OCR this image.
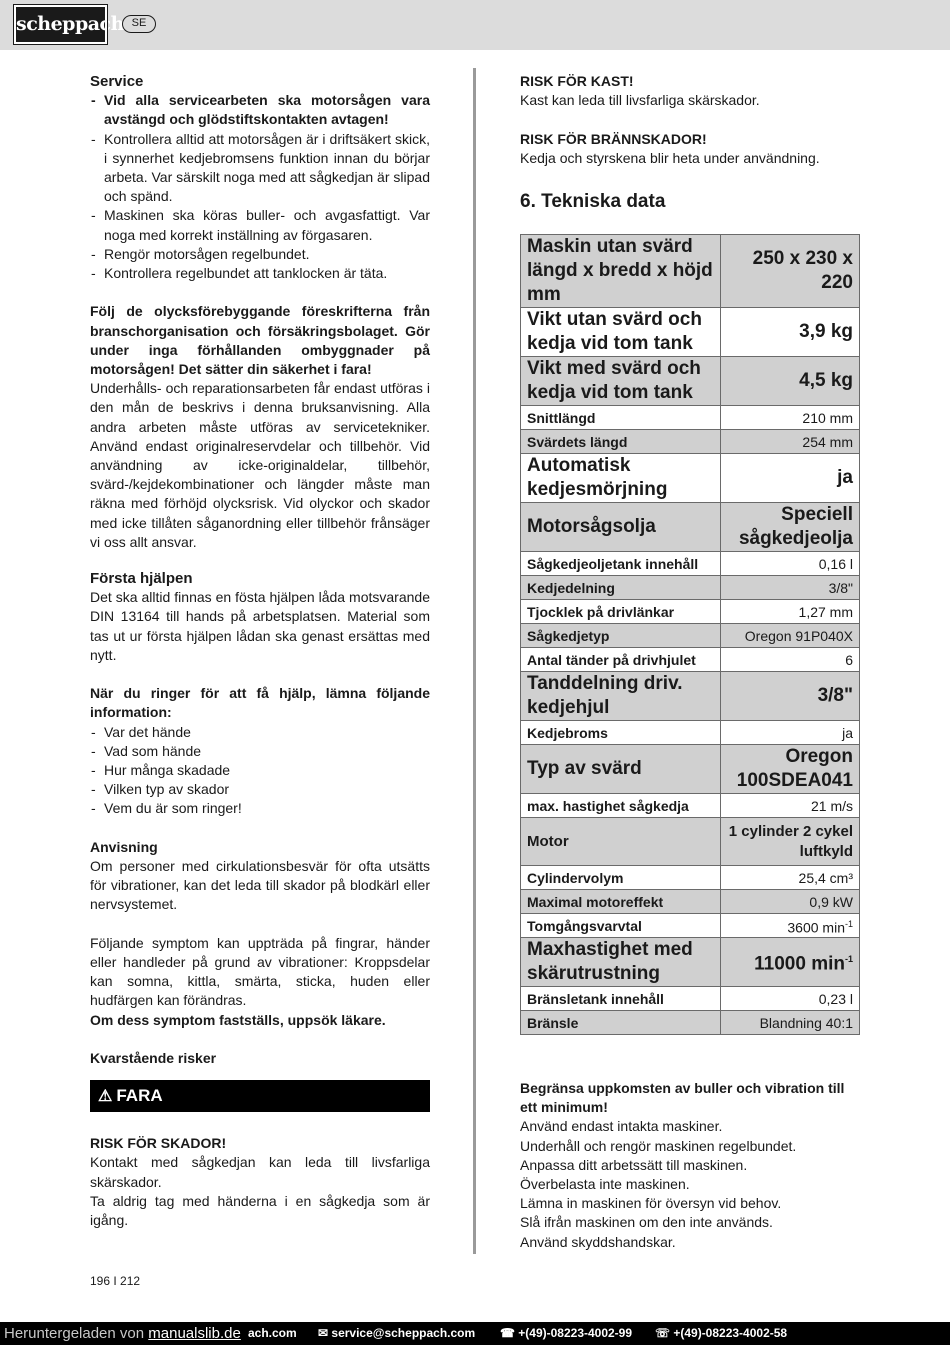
scheppach SE
Service
- Vid alla servicearbeten ska motorsågen vara avstängd och glödstiftskontakten avtagen!
- Kontrollera alltid att motorsågen är i driftsäkert skick, i synnerhet kedjebromsens funktion innan du börjar arbeta. Var särskilt noga med att sågkedjan är slipad och spänd.
- Maskinen ska köras buller- och avgasfattigt. Var noga med korrekt inställning av förgasaren.
- Rengör motorsågen regelbundet.
- Kontrollera regelbundet att tanklocken är täta.
Följ de olycksförebyggande föreskrifterna från branschorganisation och försäkringsbolaget. Gör under inga förhållanden ombyggnader på motorsågen! Det sätter din säkerhet i fara!
Underhålls- och reparationsarbeten får endast utföras i den mån de beskrivs i denna bruksanvisning. Alla andra arbeten måste utföras av servicetekniker. Använd endast originalreservdelar och tillbehör. Vid användning av icke-originaldelar, tillbehör, svärd-/kejdekombinationer och längder måste man räkna med förhöjd olycksrisk. Vid olyckor och skador med icke tillåten såganordning eller tillbehör frånsäger vi oss allt ansvar.
Första hjälpen
Det ska alltid finnas en fösta hjälpen låda motsvarande DIN 13164 till hands på arbetsplatsen. Material som tas ut ur första hjälpen lådan ska genast ersättas med nytt.
När du ringer för att få hjälp, lämna följande information:
- Var det hände
- Vad som hände
- Hur många skadade
- Vilken typ av skador
- Vem du är som ringer!
Anvisning
Om personer med cirkulationsbesvär för ofta utsätts för vibrationer, kan det leda till skador på blodkärl eller nervsystemet.
Följande symptom kan uppträda på fingrar, händer eller handleder på grund av vibrationer: Kroppsdelar kan somna, kittla, smärta, sticka, huden eller hudfärgen kan förändras.
Om dess symptom fastställs, uppsök läkare.
Kvarstående risker
⚠ FARA
RISK FÖR SKADOR!
Kontakt med sågkedjan kan leda till livsfarliga skärskador.
Ta aldrig tag med händerna i en sågkedja som är igång.
RISK FÖR KAST!
Kast kan leda till livsfarliga skärskador.
RISK FÖR BRÄNNSKADOR!
Kedja och styrskena blir heta under användning.
6. Tekniska data
Maskin utan svärd längd x bredd x höjd mm	250 x 230 x 220
Vikt utan svärd och kedja vid tom tank	3,9 kg
Vikt med svärd och kedja vid tom tank	4,5 kg
Snittlängd	210 mm
Svärdets längd	254 mm
Automatisk kedjesmörjning	ja
Motorsågsolja	Speciell sågkedjeolja
Sågkedjeoljetank innehåll	0,16 l
Kedjedelning	3/8"
Tjocklek på drivlänkar	1,27 mm
Sågkedjetyp	Oregon 91P040X
Antal tänder på drivhjulet	6
Tanddelning driv. kedjehjul	3/8"
Kedjebroms	ja
Typ av svärd	Oregon 100SDEA041
max. hastighet sågkedja	21 m/s
Motor	1 cylinder 2 cykel luftkyld
Cylindervolym	25,4 cm³
Maximal motoreffekt	0,9 kW
Tomgångsvarvtal	3600 $\min^{-1}$
Maxhastighet med skärutrustning	11000 $\min^{-1}$
Bränsletank innehåll	0,23 l
Bränsle	Blandning 40:1
Begränsa uppkomsten av buller och vibration till ett minimum!
Använd endast intakta maskiner.
Underhåll och rengör maskinen regelbundet.
Anpassa ditt arbetssätt till maskinen.
Överbelasta inte maskinen.
Lämna in maskinen för översyn vid behov.
Slå ifrån maskinen om den inte används.
Använd skyddshandskar.
196 I 212
Heruntergeladen von manualslib.de ach.com ✉ service@scheppach.com ☎ +(49)-08223-4002-99 ☏ +(49)-08223-4002-58
